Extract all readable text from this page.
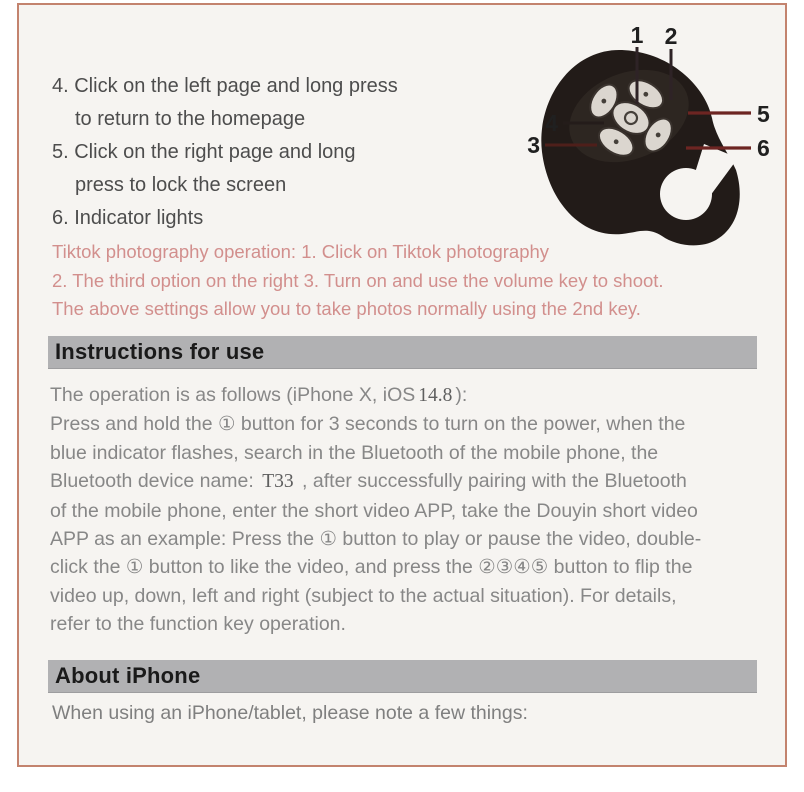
4. Click on the left page and long press
to return to the homepage
5. Click on the right page and long
press to lock the screen
6. Indicator lights
Tiktok photography operation: 1. Click on Tiktok photography
2. The third option on the right 3. Turn on and use the volume key to shoot.
The above settings allow you to take photos normally using the 2nd key.
Instructions for use
The operation is as follows (iPhone X, iOS 14.8 ):
Press and hold the ① button for 3 seconds to turn on the power, when the
blue indicator flashes, search in the Bluetooth of the mobile phone, the
Bluetooth device name: T33 , after successfully pairing with the Bluetooth
of the mobile phone, enter the short video APP, take the Douyin short video
APP as an example: Press the ① button to play or pause the video, double-
click the ① button to like the video, and press the ②③④⑤ button to flip the
video up, down, left and right (subject to the actual situation). For details,
refer to the function key operation.
About iPhone
When using an iPhone/tablet, please note a few things:
1 2
3
4	5
6
